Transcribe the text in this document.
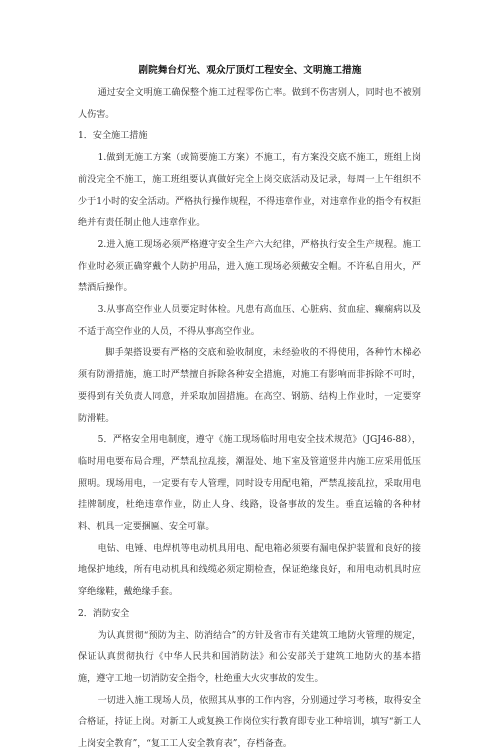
剧院舞台灯光、观众厅顶灯工程安全、文明施工措施

通过安全文明施工确保整个施工过程零伤亡率。做到不伤害别人，同时也不被别人伤害。

1．安全施工措施

1.做到无施工方案（或简要施工方案）不施工，有方案没交底不施工，班组上岗前没完全不施工，施工班组要认真做好完全上岗交底活动及记录，每周一上午组织不少于1小时的安全活动。严格执行操作规程，不得违章作业，对违章作业的指令有权拒绝并有责任制止他人违章作业。

2.进入施工现场必须严格遵守安全生产六大纪律，严格执行安全生产规程。施工作业时必须正确穿戴个人防护用品，进入施工现场必须戴安全帽。不许私自用火，严禁酒后操作。

3.从事高空作业人员要定时体检。凡患有高血压、心脏病、贫血症、癫痫病以及不适于高空作业的人员，不得从事高空作业。

脚手架搭设要有严格的交底和验收制度，未经验收的不得使用，各种竹木梯必须有防滑措施，施工时严禁擅自拆除各种安全措施，对施工有影响而非拆除不可时，要得到有关负责人同意，并采取加固措施。在高空、钢筋、结构上作业时，一定要穿防滑鞋。

5．严格安全用电制度，遵守《施工现场临时用电安全技术规范》（JGJ46-88），临时用电要布局合理，严禁乱拉乱接，潮湿处、地下室及管道竖井内施工应采用低压照明。现场用电，一定要有专人管理，同时设专用配电箱，严禁乱接乱拉，采取用电挂牌制度，杜绝违章作业，防止人身、线路，设备事故的发生。垂直运输的各种材料、机具一定要捆匾、安全可靠。

电钻、电锤、电焊机等电动机具用电、配电箱必须要有漏电保护装置和良好的接地保护地线，所有电动机具和线缆必须定期检查，保证绝缘良好，和用电动机具时应穿绝缘鞋，戴绝缘手套。

2．消防安全

为认真贯彻“预防为主、防消结合”的方针及省市有关建筑工地防火管理的规定，保证认真贯彻执行《中华人民共和国消防法》和公安部关于建筑工地防火的基本措施，遵守工地一切消防安全指令，杜绝重大火灾事故的发生。

一切进入施工现场人员，依照其从事的工作内容，分别通过学习考核，取得安全合格证，持证上岗。对新工人或复换工作岗位实行教育即专业工种培训，填写“新工人上岗安全教育”，“复工工人安全教育表”，存档备查。
